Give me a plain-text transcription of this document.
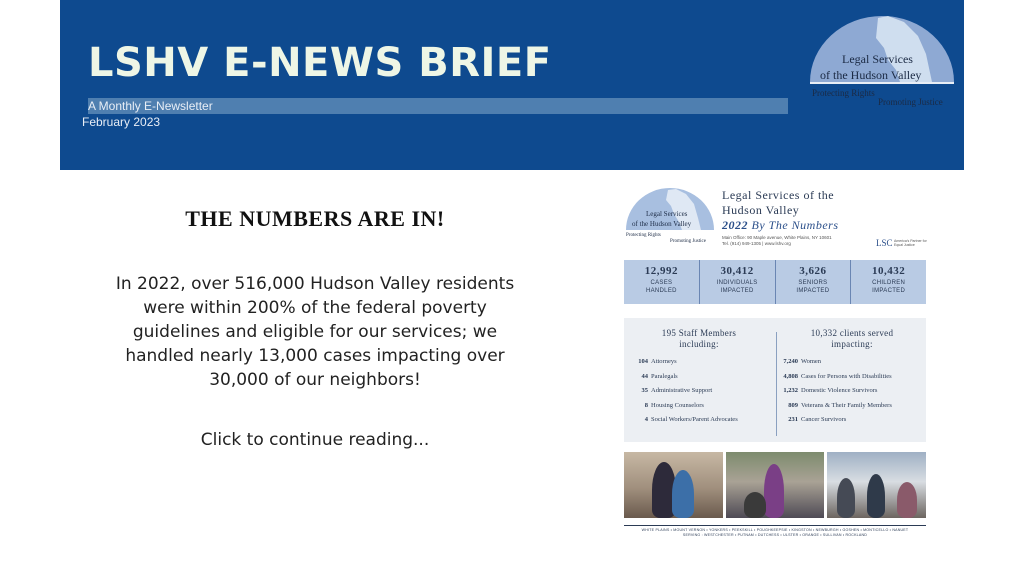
LSHV E-NEWS BRIEF
A Monthly E-Newsletter
February 2023
Legal Services
of the Hudson Valley
Protecting Rights
Promoting Justice
THE NUMBERS ARE IN!
In 2022, over 516,000 Hudson Valley residents were within 200% of the federal poverty guidelines and eligible for our services; we handled nearly 13,000 cases impacting over 30,000 of our neighbors!
Click to continue reading...
Legal Services
of the Hudson Valley
Protecting Rights
Promoting Justice
Legal Services of the
Hudson Valley
2022 By The Numbers
Main Office: 90 Maple avenue, White Plains, NY 10601
Tel. (914) 949-1305 | www.lshv.org	LSC America's Partner for Equal Justice
12,992
CASES
HANDLED
30,412
INDIVIDUALS
IMPACTED
3,626
SENIORS
IMPACTED
10,432
CHILDREN
IMPACTED
195 Staff Members
including:
104 Attorneys
44 Paralegals
35 Administrative Support
8 Housing Counselors
4 Social Workers/Parent Advocates
10,332 clients served
impacting:
7,240 Women
4,808 Cases for Persons with Disabilities
1,232 Domestic Violence Survivors
809 Veterans & Their Family Members
231 Cancer Survivors
WHITE PLAINS • MOUNT VERNON • YONKERS • PEEKSKILL • POUGHKEEPSIE • KINGSTON • NEWBURGH • GOSHEN • MONTICELLO • NANUET
SERVING : WESTCHESTER • PUTNAM • DUTCHESS • ULSTER • ORANGE • SULLIVAN • ROCKLAND
